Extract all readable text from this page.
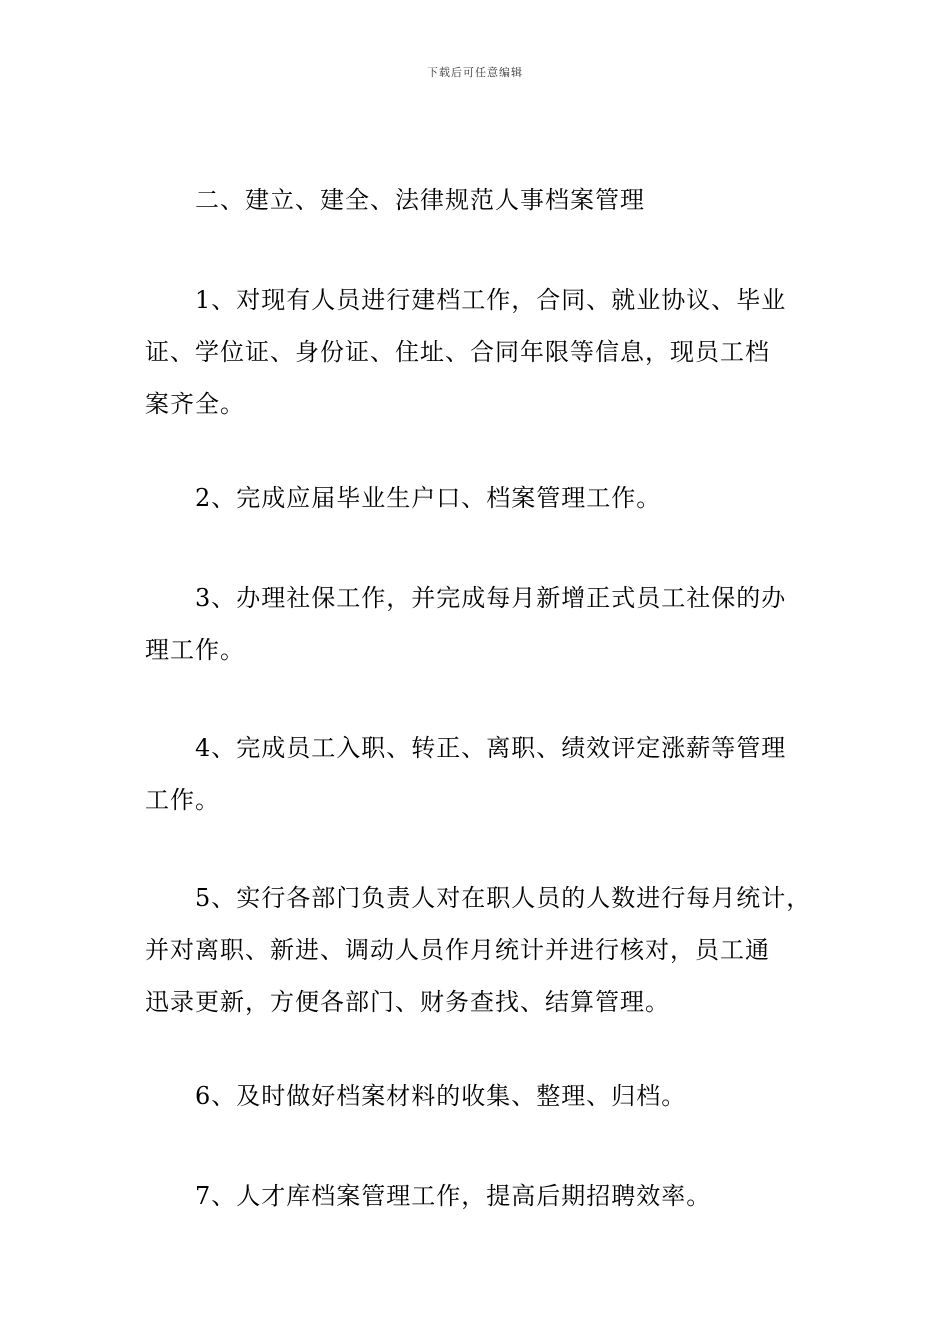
下载后可任意编辑
二、建立、建全、法律规范人事档案管理
1、对现有人员进行建档工作，合同、就业协议、毕业
证、学位证、身份证、住址、合同年限等信息，现员工档
案齐全。
2、完成应届毕业生户口、档案管理工作。
3、办理社保工作，并完成每月新增正式员工社保的办
理工作。
4、完成员工入职、转正、离职、绩效评定涨薪等管理
工作。
5、实行各部门负责人对在职人员的人数进行每月统计，
并对离职、新进、调动人员作月统计并进行核对，员工通
迅录更新，方便各部门、财务查找、结算管理。
6、及时做好档案材料的收集、整理、归档。
7、人才库档案管理工作，提高后期招聘效率。
